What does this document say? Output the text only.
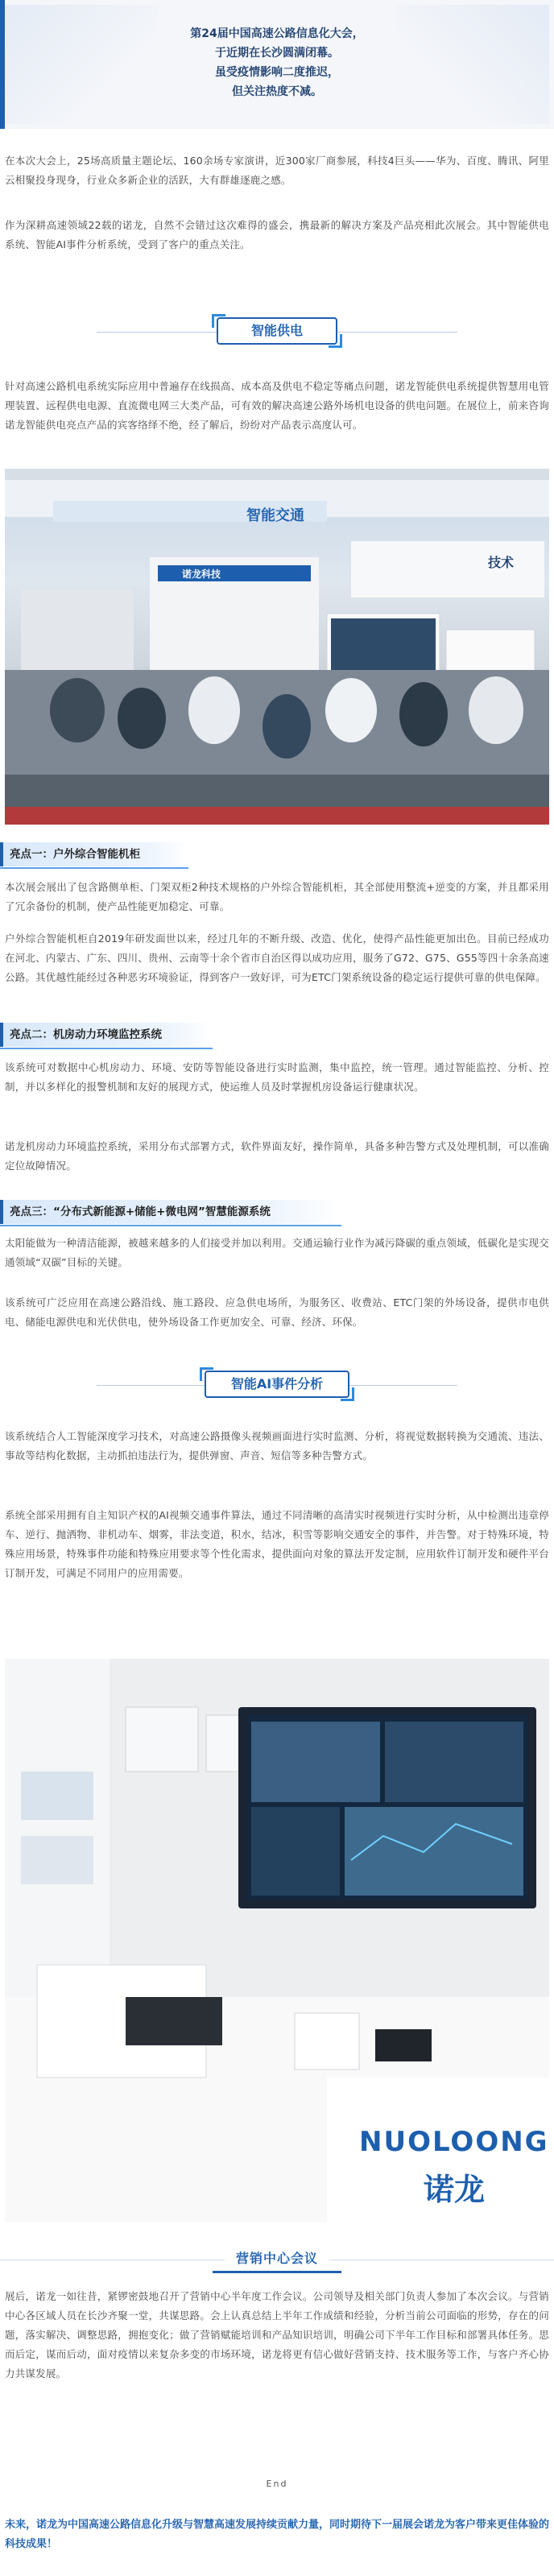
第24届中国高速公路信息化大会，
于近期在长沙圆满闭幕。
虽受疫情影响二度推迟，
但关注热度不减。

在本次大会上，25场高质量主题论坛、160余场专家演讲，近300家厂商参展，科技4巨头——华为、百度、腾讯、阿里云相聚投身现身，行业众多新企业的活跃，大有群雄逐鹿之感。

作为深耕高速领域22载的诺龙，自然不会错过这次难得的盛会，携最新的解决方案及产品亮相此次展会。其中智能供电系统、智能AI事件分析系统，受到了客户的重点关注。

智能供电

针对高速公路机电系统实际应用中普遍存在线损高、成本高及供电不稳定等痛点问题，诺龙智能供电系统提供智慧用电管理装置、远程供电电源、直流微电网三大类产品，可有效的解决高速公路外场机电设备的供电问题。在展位上，前来咨询诺龙智能供电亮点产品的宾客络绎不绝，经了解后，纷纷对产品表示高度认可。

智能交通
诺龙科技
技术
亮点一：户外综合智能机柜

本次展会展出了包含路侧单柜、门架双柜2种技术规格的户外综合智能机柜，其全部使用整流+逆变的方案，并且都采用了冗余备份的机制，使产品性能更加稳定、可靠。

户外综合智能机柜自2019年研发面世以来，经过几年的不断升级、改造、优化，使得产品性能更加出色。目前已经成功在河北、内蒙古、广东、四川、贵州、云南等十余个省市自治区得以成功应用，服务了G72、G75、G55等四十余条高速公路。其优越性能经过各种恶劣环境验证，得到客户一致好评，可为ETC门架系统设备的稳定运行提供可靠的供电保障。

亮点二：机房动力环境监控系统

该系统可对数据中心机房动力、环境、安防等智能设备进行实时监测，集中监控，统一管理。通过智能监控、分析、控制，并以多样化的报警机制和友好的展现方式，使运维人员及时掌握机房设备运行健康状况。

诺龙机房动力环境监控系统，采用分布式部署方式，软件界面友好，操作简单，具备多种告警方式及处理机制，可以准确定位故障情况。

亮点三：“分布式新能源+储能+微电网”智慧能源系统

太阳能做为一种清洁能源，被越来越多的人们接受并加以利用。交通运输行业作为减污降碳的重点领域，低碳化是实现交通领域“双碳”目标的关键。

该系统可广泛应用在高速公路沿线、施工路段、应急供电场所，为服务区、收费站、ETC门架的外场设备，提供市电供电、储能电源供电和光伏供电，使外场设备工作更加安全、可靠、经济、环保。

智能AI事件分析

该系统结合人工智能深度学习技术，对高速公路摄像头视频画面进行实时监测、分析，将视觉数据转换为交通流、违法、事故等结构化数据，主动抓拍违法行为，提供弹窗、声音、短信等多种告警方式。

系统全部采用拥有自主知识产权的AI视频交通事件算法，通过不同清晰的高清实时视频进行实时分析，从中检测出违章停车、逆行、抛洒物、非机动车、烟雾，非法变道，积水，结冰，积雪等影响交通安全的事件，并告警。对于特殊环境，特殊应用场景，特殊事件功能和特殊应用要求等个性化需求，提供面向对象的算法开发定制，应用软件订制开发和硬件平台订制开发，可满足不同用户的应用需要。

NUOLOONG
诺龙
营销中心会议

展后，诺龙一如往昔，紧锣密鼓地召开了营销中心半年度工作会议。公司领导及相关部门负责人参加了本次会议。与营销中心各区域人员在长沙齐聚一堂，共谋思路。会上认真总结上半年工作成绩和经验，分析当前公司面临的形势，存在的问题，落实解决、调整思路，拥抱变化；做了营销赋能培训和产品知识培训，明确公司下半年工作目标和部署具体任务。思而后定，谋而后动，面对疫情以来复杂多变的市场环境，诺龙将更有信心做好营销支持、技术服务等工作，与客户齐心协力共谋发展。

End

未来，诺龙为中国高速公路信息化升级与智慧高速发展持续贡献力量，同时期待下一届展会诺龙为客户带来更佳体验的科技成果！
